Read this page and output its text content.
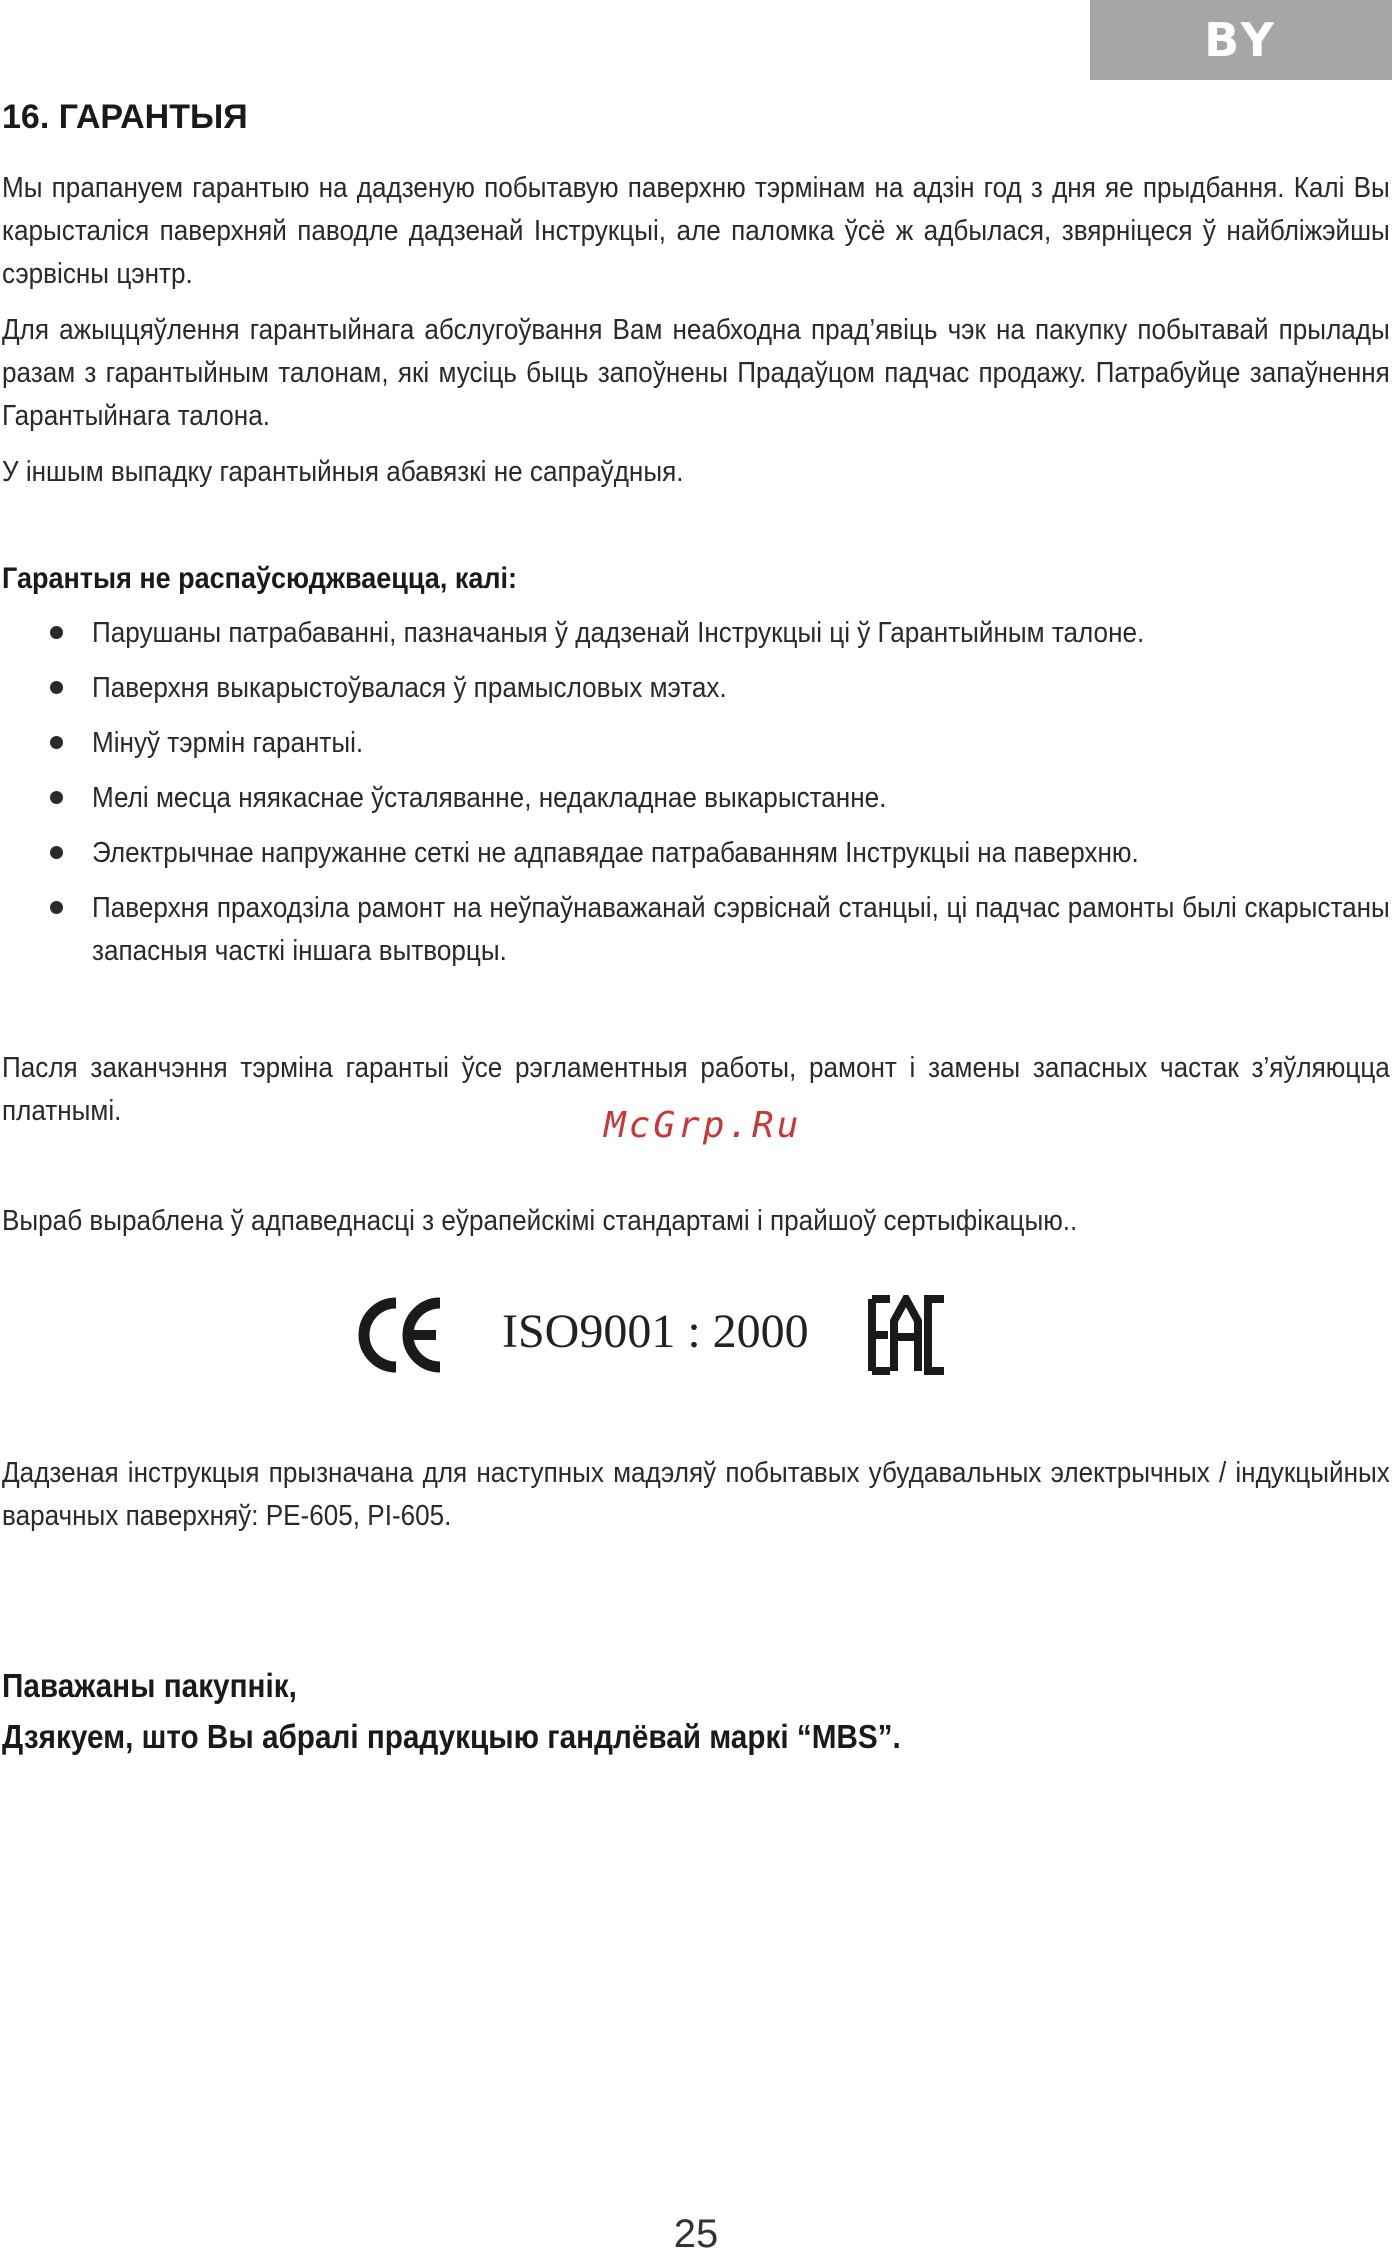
BY
16. ГАРАНТЫЯ

Мы прапануем гарантыю на дадзеную побытавую паверхню тэрмінам на адзін год з дня яе прыдбання. Калі Вы карысталіся паверхняй паводле дадзенай Інструкцыі, але паломка ўсё ж адбылася, звярніцеся ў найбліжэйшы сэрвісны цэнтр.

Для ажыццяўлення гарантыйнага абслугоўвання Вам неабходна прад’явіць чэк на пакупку побытавай прылады разам з гарантыйным талонам, які мусіць быць запоўнены Прадаўцом падчас продажу. Патрабуйце запаўнення Гарантыйнага талона.

У іншым выпадку гарантыйныя абавязкі не сапраўдныя.

Гарантыя не распаўсюджваецца, калі:

Парушаны патрабаванні, пазначаныя ў дадзенай Інструкцыі ці ў Гарантыйным талоне.

Паверхня выкарыстоўвалася ў прамысловых мэтах.

Мінуў тэрмін гарантыі.

Мелі месца няякаснае ўсталяванне, недакладнае выкарыстанне.

Электрычнае напружанне сеткі не адпавядае патрабаванням Інструкцыі на паверхню.

Паверхня праходзіла рамонт на неўпаўнаважанай сэрвіснай станцыі, ці падчас рамонты былі скарыстаны запасныя часткі іншага вытворцы.

Пасля заканчэння тэрміна гарантыі ўсе рэгламентныя работы, рамонт і замены запасных частак з’яўляюцца платнымі.	McGrp.Ru

Выраб выраблена ў адпаведнасці з еўрапейскімі стандартамі і прайшоў сертыфікацыю..

ISO9001 : 2000

Дадзеная інструкцыя прызначана для наступных мадэляў побытавых убудавальных электрычных / індукцыйных варачных паверхняў: PE-605, PI-605.

Паважаны пакупнік,

Дзякуем, што Вы абралі прадукцыю гандлёвай маркі “MBS”.

25
